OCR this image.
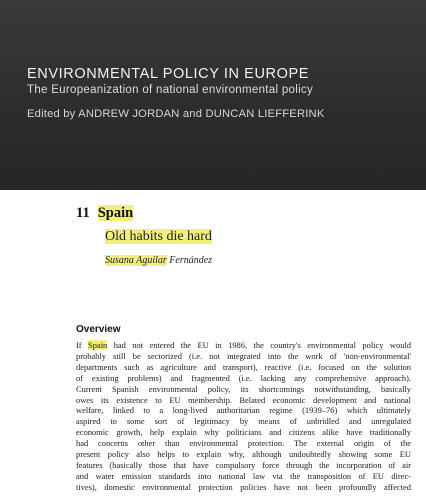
ENVIRONMENTAL POLICY IN EUROPE
The Europeanization of national environmental policy
Edited by ANDREW JORDAN and DUNCAN LIEFFERINK
11 Spain
Old habits die hard
Susana Aguilar Fernández
Overview
If Spain had not entered the EU in 1986, the country's environmental policy would
probably still be sectorized (i.e. not integrated into the work of 'non-environmental'
departments such as agriculture and transport), reactive (i.e. focused on the solution
of existing problems) and fragmented (i.e. lacking any comprehensive approach).
Current Spanish environmental policy, its shortcomings notwithstanding, basically
owes its existence to EU membership. Belated economic development and national
welfare, linked to a long-lived authoritarian regime (1939–76) which ultimately
aspired to some sort of legitimacy by means of unbridled and unregulated
economic growth, help explain why politicians and citizens alike have traditionally
had concerns other than environmental protection. The external origin of the
present policy also helps to explain why, although undoubtedly showing some EU
features (basically those that have compulsory force through the incorporation of air
and water emission standards into national law via the transposition of EU direc-
tives), domestic environmental protection policies have not been profoundly affected
